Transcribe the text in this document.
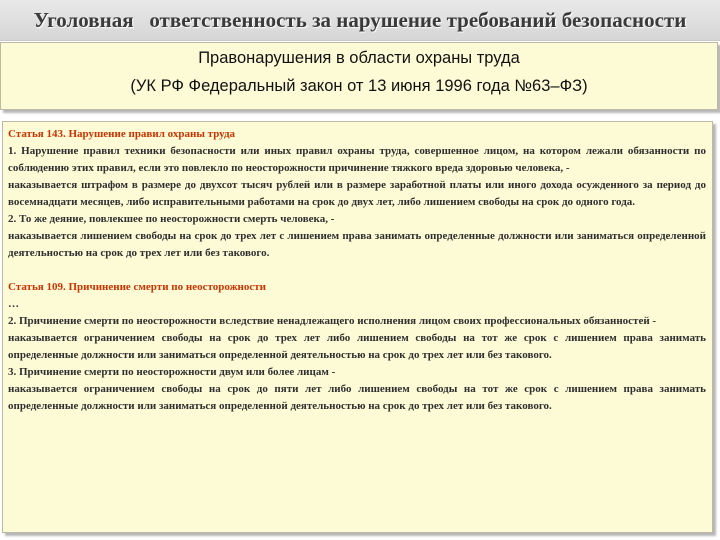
Уголовная   ответственность за нарушение требований безопасности
Правонарушения в области охраны труда
(УК РФ Федеральный закон от 13 июня 1996 года №63–ФЗ)

Статья 143. Нарушение правил охраны труда

1. Нарушение правил техники безопасности или иных правил охраны труда, совершенное лицом, на котором лежали обязанности по соблюдению этих правил, если это повлекло по неосторожности причинение тяжкого вреда здоровью человека, -

наказывается штрафом в размере до двухсот тысяч рублей или в размере заработной платы или иного дохода осужденного за период до восемнадцати месяцев, либо исправительными работами на срок до двух лет, либо лишением свободы на срок до одного года.

2. То же деяние, повлекшее по неосторожности смерть человека, -

наказывается лишением свободы на срок до трех лет с лишением права занимать определенные должности или заниматься определенной деятельностью на срок до трех лет или без такового.

Статья 109. Причинение смерти по неосторожности

…

2. Причинение смерти по неосторожности вследствие ненадлежащего исполнения лицом своих профессиональных обязанностей -

наказывается ограничением свободы на срок до трех лет либо лишением свободы на тот же срок с лишением права занимать определенные должности или заниматься определенной деятельностью на срок до трех лет или без такового.

3. Причинение смерти по неосторожности двум или более лицам -

наказывается ограничением свободы на срок до пяти лет либо лишением свободы на тот же срок с лишением права занимать определенные должности или заниматься определенной деятельностью на срок до трех лет или без такового.
